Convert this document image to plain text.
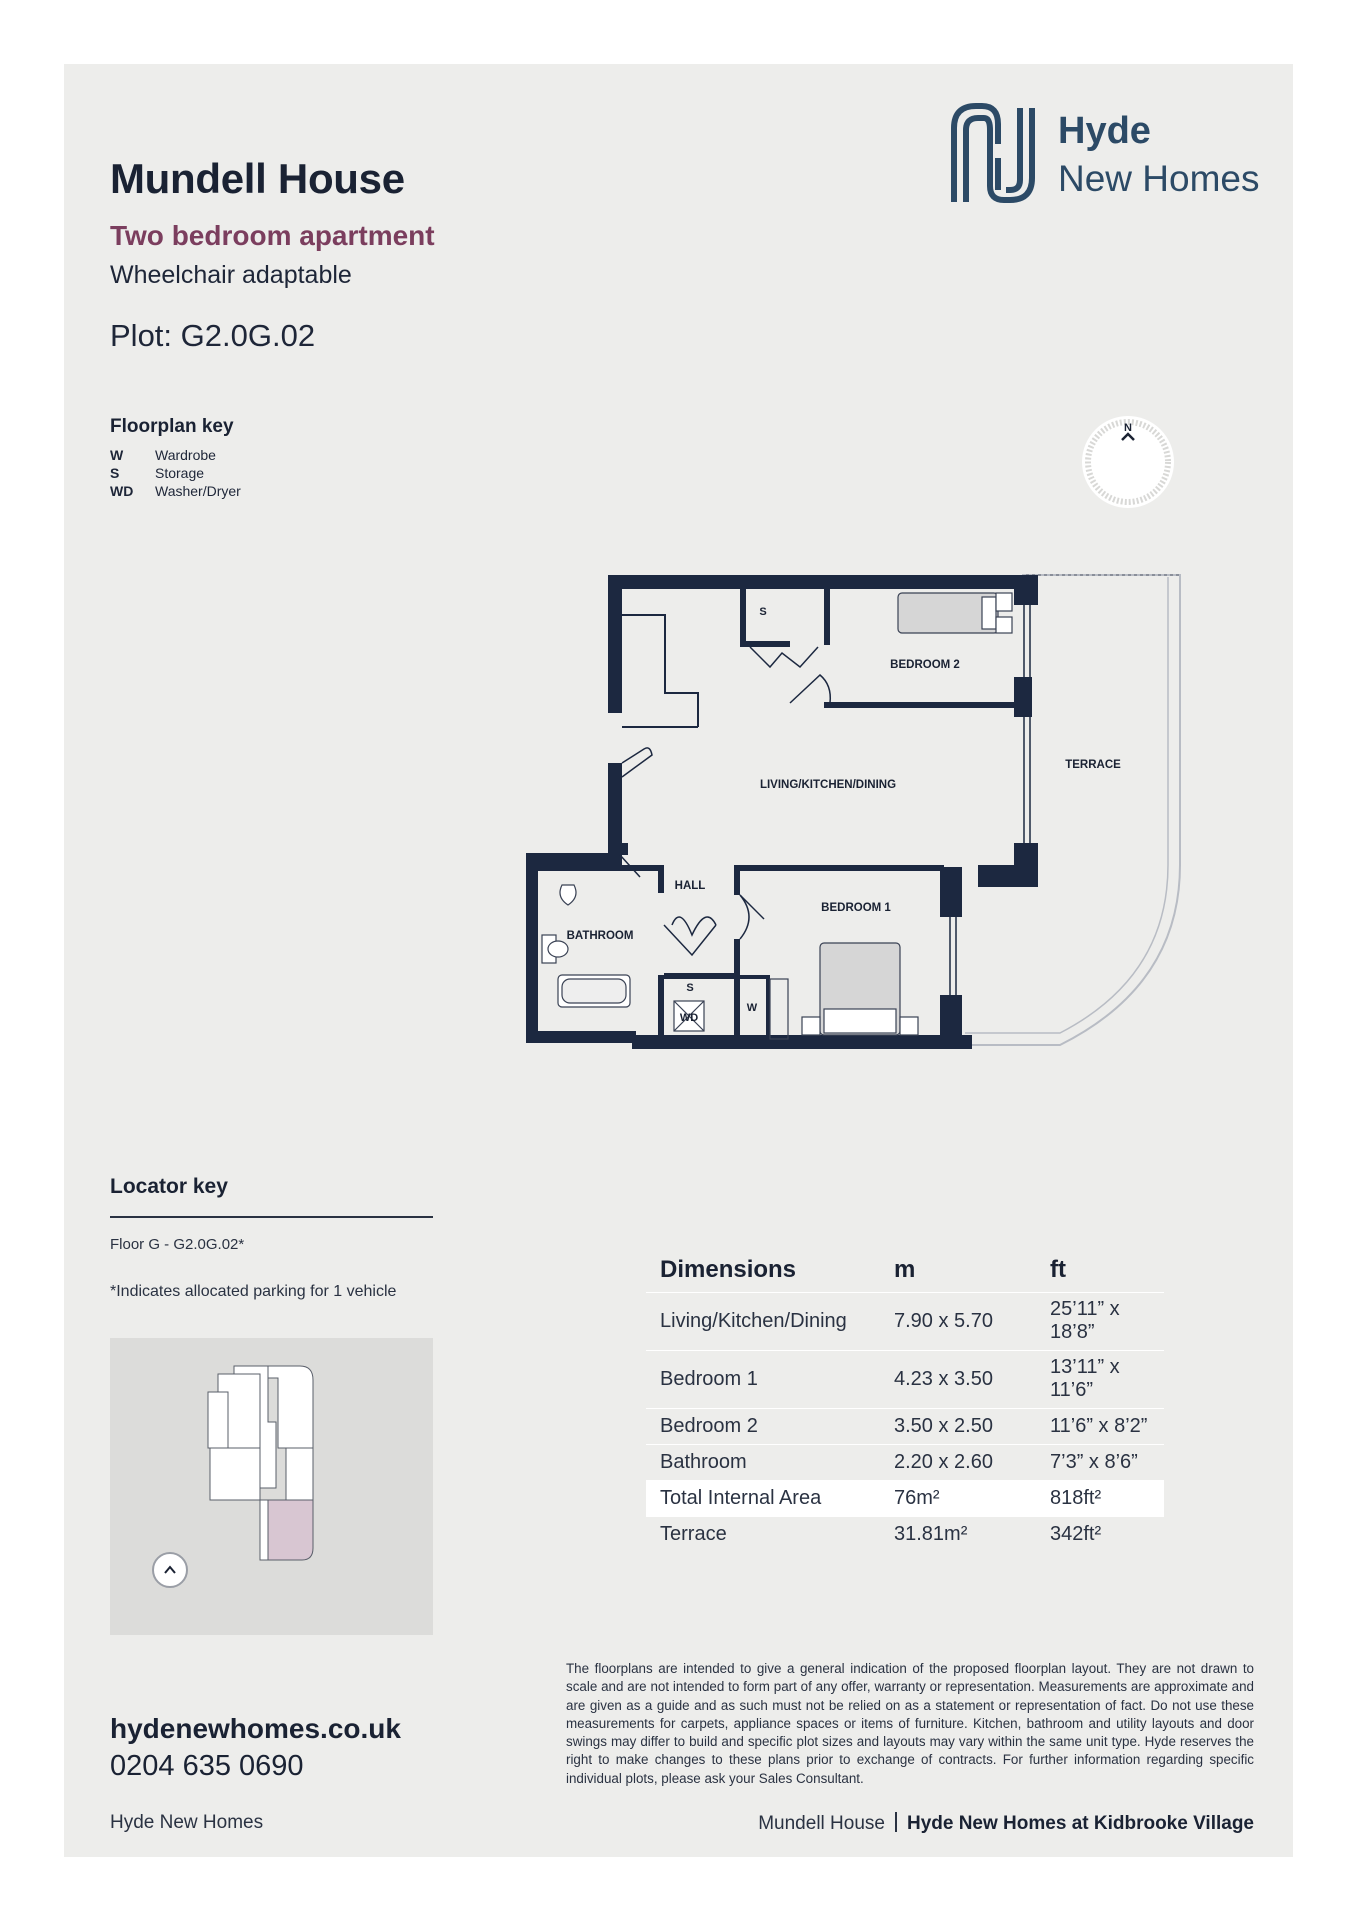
Mundell House
Two bedroom apartment
Wheelchair adaptable
Plot: G2.0G.02
Hyde
New Homes
Floorplan key
W Wardrobe
S	Storage
WD Washer/Dryer
N
S
BEDROOM 2
LIVING/KITCHEN/DINING
TERRACE
HALL
BEDROOM 1
BATHROOM
S
WD
W
Locator key
Floor G - G2.0G.02*
*Indicates allocated parking for 1 vehicle
Dimensions	m	ft
Living/Kitchen/Dining	7.90 x 5.70	25’11” x 18’8”
Bedroom 1	4.23 x 3.50	13’11” x 11’6”
Bedroom 2	3.50 x 2.50	11’6” x 8’2”
Bathroom	2.20 x 2.60	7’3” x 8’6”
Total Internal Area	76m²	818ft²
Terrace	31.81m²	342ft²
The floorplans are intended to give a general indication of the proposed floorplan layout. They are not drawn to scale and are not intended to form part of any offer, warranty or representation. Measurements are approximate and are given as a guide and as such must not be relied on as a statement or representation of fact. Do not use these measurements for carpets, appliance spaces or items of furniture. Kitchen, bathroom and utility layouts and door swings may differ to build and specific plot sizes and layouts may vary within the same unit type. Hyde reserves the right to make changes to these plans prior to exchange of contracts. For further information regarding specific individual plots, please ask your Sales Consultant.
hydenewhomes.co.uk
0204 635 0690
Hyde New Homes	Mundell House Hyde New Homes at Kidbrooke Village
